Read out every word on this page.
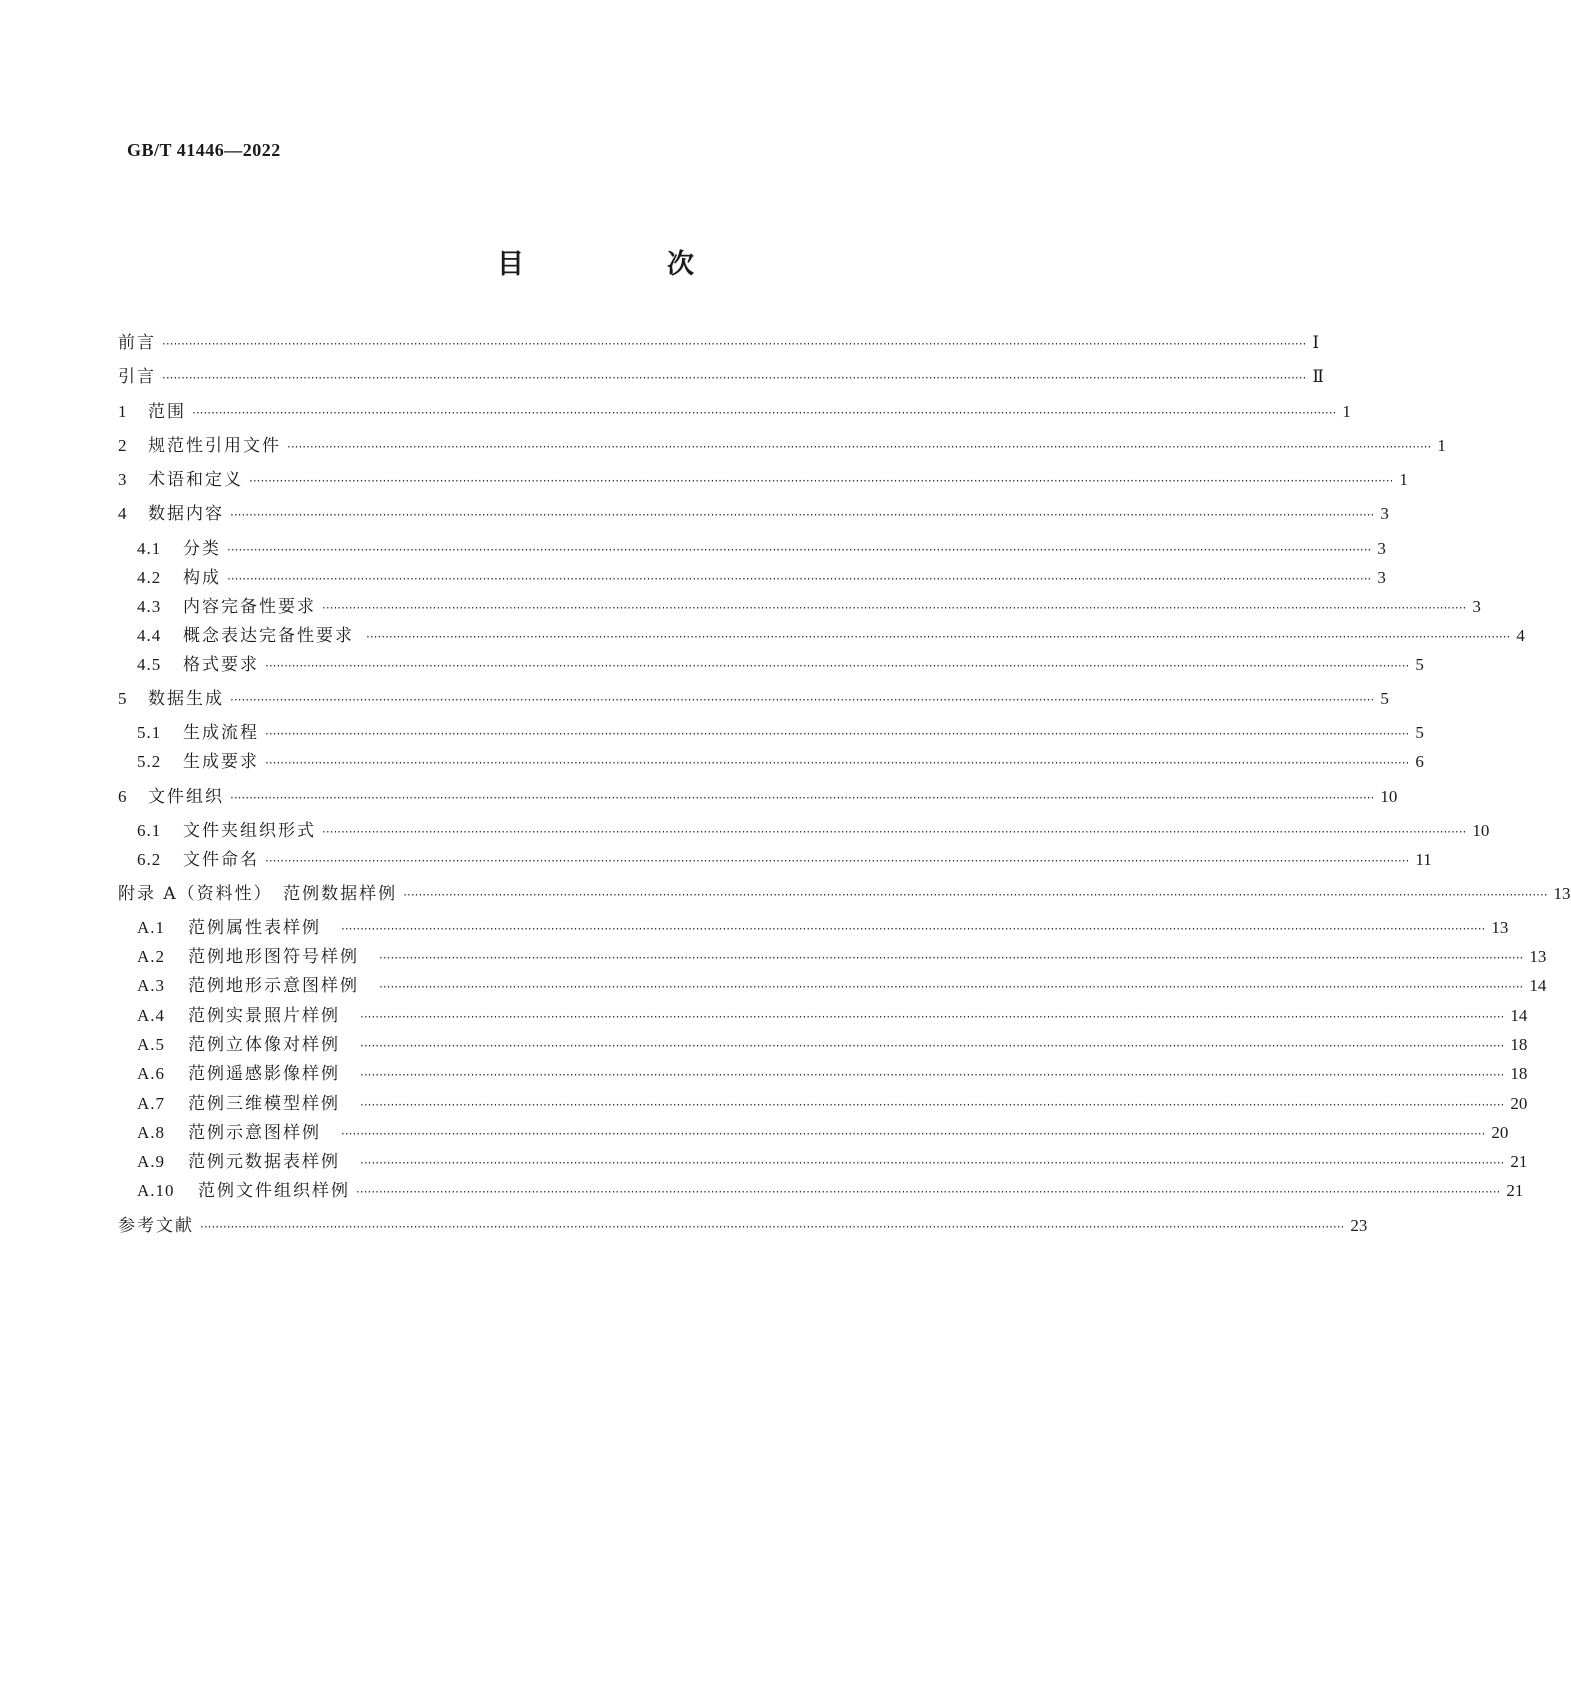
GB/T 41446—2022

目　次
前言 ············································································································································································································································································································ Ⅰ
引言 ············································································································································································································································································································ Ⅱ
1	范围 ············································································································································································································································································································ 1
2	规范性引用文件 ············································································································································································································································································································ 1
3	术语和定义 ············································································································································································································································································································ 1
4	数据内容 ············································································································································································································································································································ 3
4.1	分类 ············································································································································································································································································································ 3
4.2	构成 ············································································································································································································································································································ 3
4.3	内容完备性要求 ············································································································································································································································································································ 3
4.4	概念表达完备性要求 ············································································································································································································································································································ 4
4.5	格式要求 ············································································································································································································································································································ 5
5	数据生成 ············································································································································································································································································································ 5
5.1	生成流程 ············································································································································································································································································································ 5
5.2	生成要求 ············································································································································································································································································································ 6
6	文件组织 ············································································································································································································································································································ 10
6.1	文件夹组织形式 ············································································································································································································································································································ 10
6.2	文件命名 ············································································································································································································································································································ 11
附录 A（资料性）　范例数据样例 ············································································································································································································································································································ 13
A.1	范例属性表样例 ············································································································································································································································································································ 13
A.2	范例地形图符号样例 ············································································································································································································································································································ 13
A.3	范例地形示意图样例 ············································································································································································································································································································ 14
A.4	范例实景照片样例 ············································································································································································································································································································ 14
A.5	范例立体像对样例 ············································································································································································································································································································ 18
A.6	范例遥感影像样例 ············································································································································································································································································································ 18
A.7	范例三维模型样例 ············································································································································································································································································································ 20
A.8	范例示意图样例 ············································································································································································································································································································ 20
A.9	范例元数据表样例 ············································································································································································································································································································ 21
A.10	范例文件组织样例 ············································································································································································································································································································ 21
参考文献 ············································································································································································································································································································ 23
